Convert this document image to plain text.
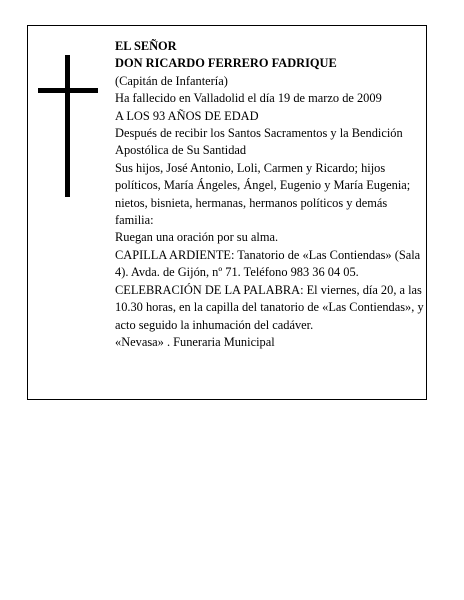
EL SEÑOR

DON RICARDO FERRERO FADRIQUE

(Capitán de Infantería)

Ha fallecido en Valladolid el día 19 de marzo de 2009

A LOS 93 AÑOS DE EDAD

Después de recibir los Santos Sacramentos y la Bendición Apostólica de Su Santidad

Sus hijos, José Antonio, Loli, Carmen y Ricardo; hijos políticos, María Ángeles, Ángel, Eugenio y María Eugenia; nietos, bisnieta, hermanas, hermanos políticos y demás familia:

Ruegan una oración por su alma.

CAPILLA ARDIENTE: Tanatorio de «Las Contiendas» (Sala 4). Avda. de Gijón, nº 71. Teléfono 983 36 04 05.

CELEBRACIÓN DE LA PALABRA: El viernes, día 20, a las 10.30 horas, en la capilla del tanatorio de «Las Contiendas», y acto seguido la inhumación del cadáver.

«Nevasa» . Funeraria Municipal
